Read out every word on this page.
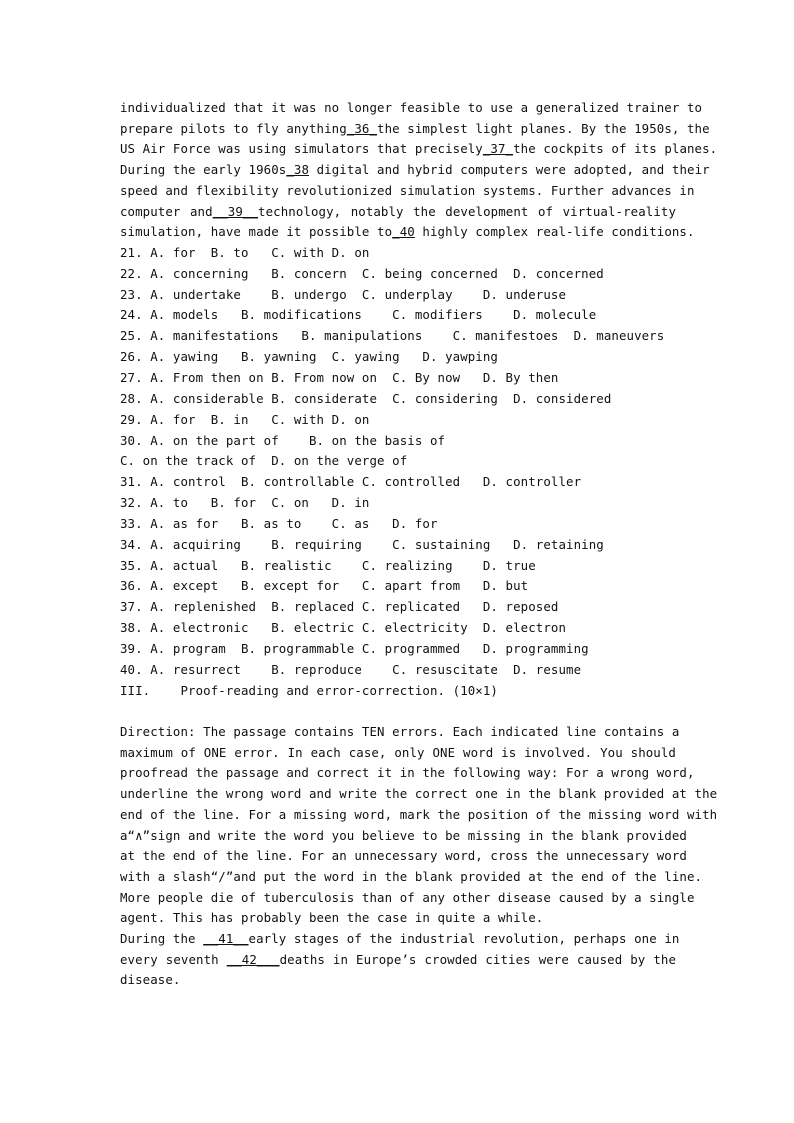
individualized that it was no longer feasible to use a generalized trainer to

prepare pilots to fly anything_36_the simplest light planes. By the 1950s, the

US Air Force was using simulators that precisely_37_the cockpits of its planes.

During the early 1960s_38 digital and hybrid computers were adopted, and their

speed and flexibility revolutionized simulation systems. Further advances in

computer and__39__technology, notably the development of virtual-reality

simulation, have made it possible to_40 highly complex real-life conditions.

21. A. for  B. to   C. with D. on

22. A. concerning   B. concern  C. being concerned  D. concerned

23. A. undertake    B. undergo  C. underplay    D. underuse

24. A. models   B. modifications    C. modifiers    D. molecule

25. A. manifestations   B. manipulations    C. manifestoes  D. maneuvers

26. A. yawing   B. yawning  C. yawing   D. yawping

27. A. From then on B. From now on  C. By now   D. By then

28. A. considerable B. considerate  C. considering  D. considered

29. A. for  B. in   C. with D. on

30. A. on the part of    B. on the basis of

C. on the track of  D. on the verge of

31. A. control  B. controllable C. controlled   D. controller

32. A. to   B. for  C. on   D. in

33. A. as for   B. as to    C. as   D. for

34. A. acquiring    B. requiring    C. sustaining   D. retaining

35. A. actual   B. realistic    C. realizing    D. true

36. A. except   B. except for   C. apart from   D. but

37. A. replenished  B. replaced C. replicated   D. reposed

38. A. electronic   B. electric C. electricity  D. electron

39. A. program  B. programmable C. programmed   D. programming

40. A. resurrect    B. reproduce    C. resuscitate  D. resume

III.    Proof-reading and error-correction. (10×1)

Direction: The passage contains TEN errors. Each indicated line contains a

maximum of ONE error. In each case, only ONE word is involved. You should

proofread the passage and correct it in the following way: For a wrong word,

underline the wrong word and write the correct one in the blank provided at the

end of the line. For a missing word, mark the position of the missing word with

a“∧”sign and write the word you believe to be missing in the blank provided

at the end of the line. For an unnecessary word, cross the unnecessary word

with a slash“/”and put the word in the blank provided at the end of the line.

More people die of tuberculosis than of any other disease caused by a single

agent. This has probably been the case in quite a while.

During the __41__early stages of the industrial revolution, perhaps one in

every seventh __42___deaths in Europe’s crowded cities were caused by the

disease.
